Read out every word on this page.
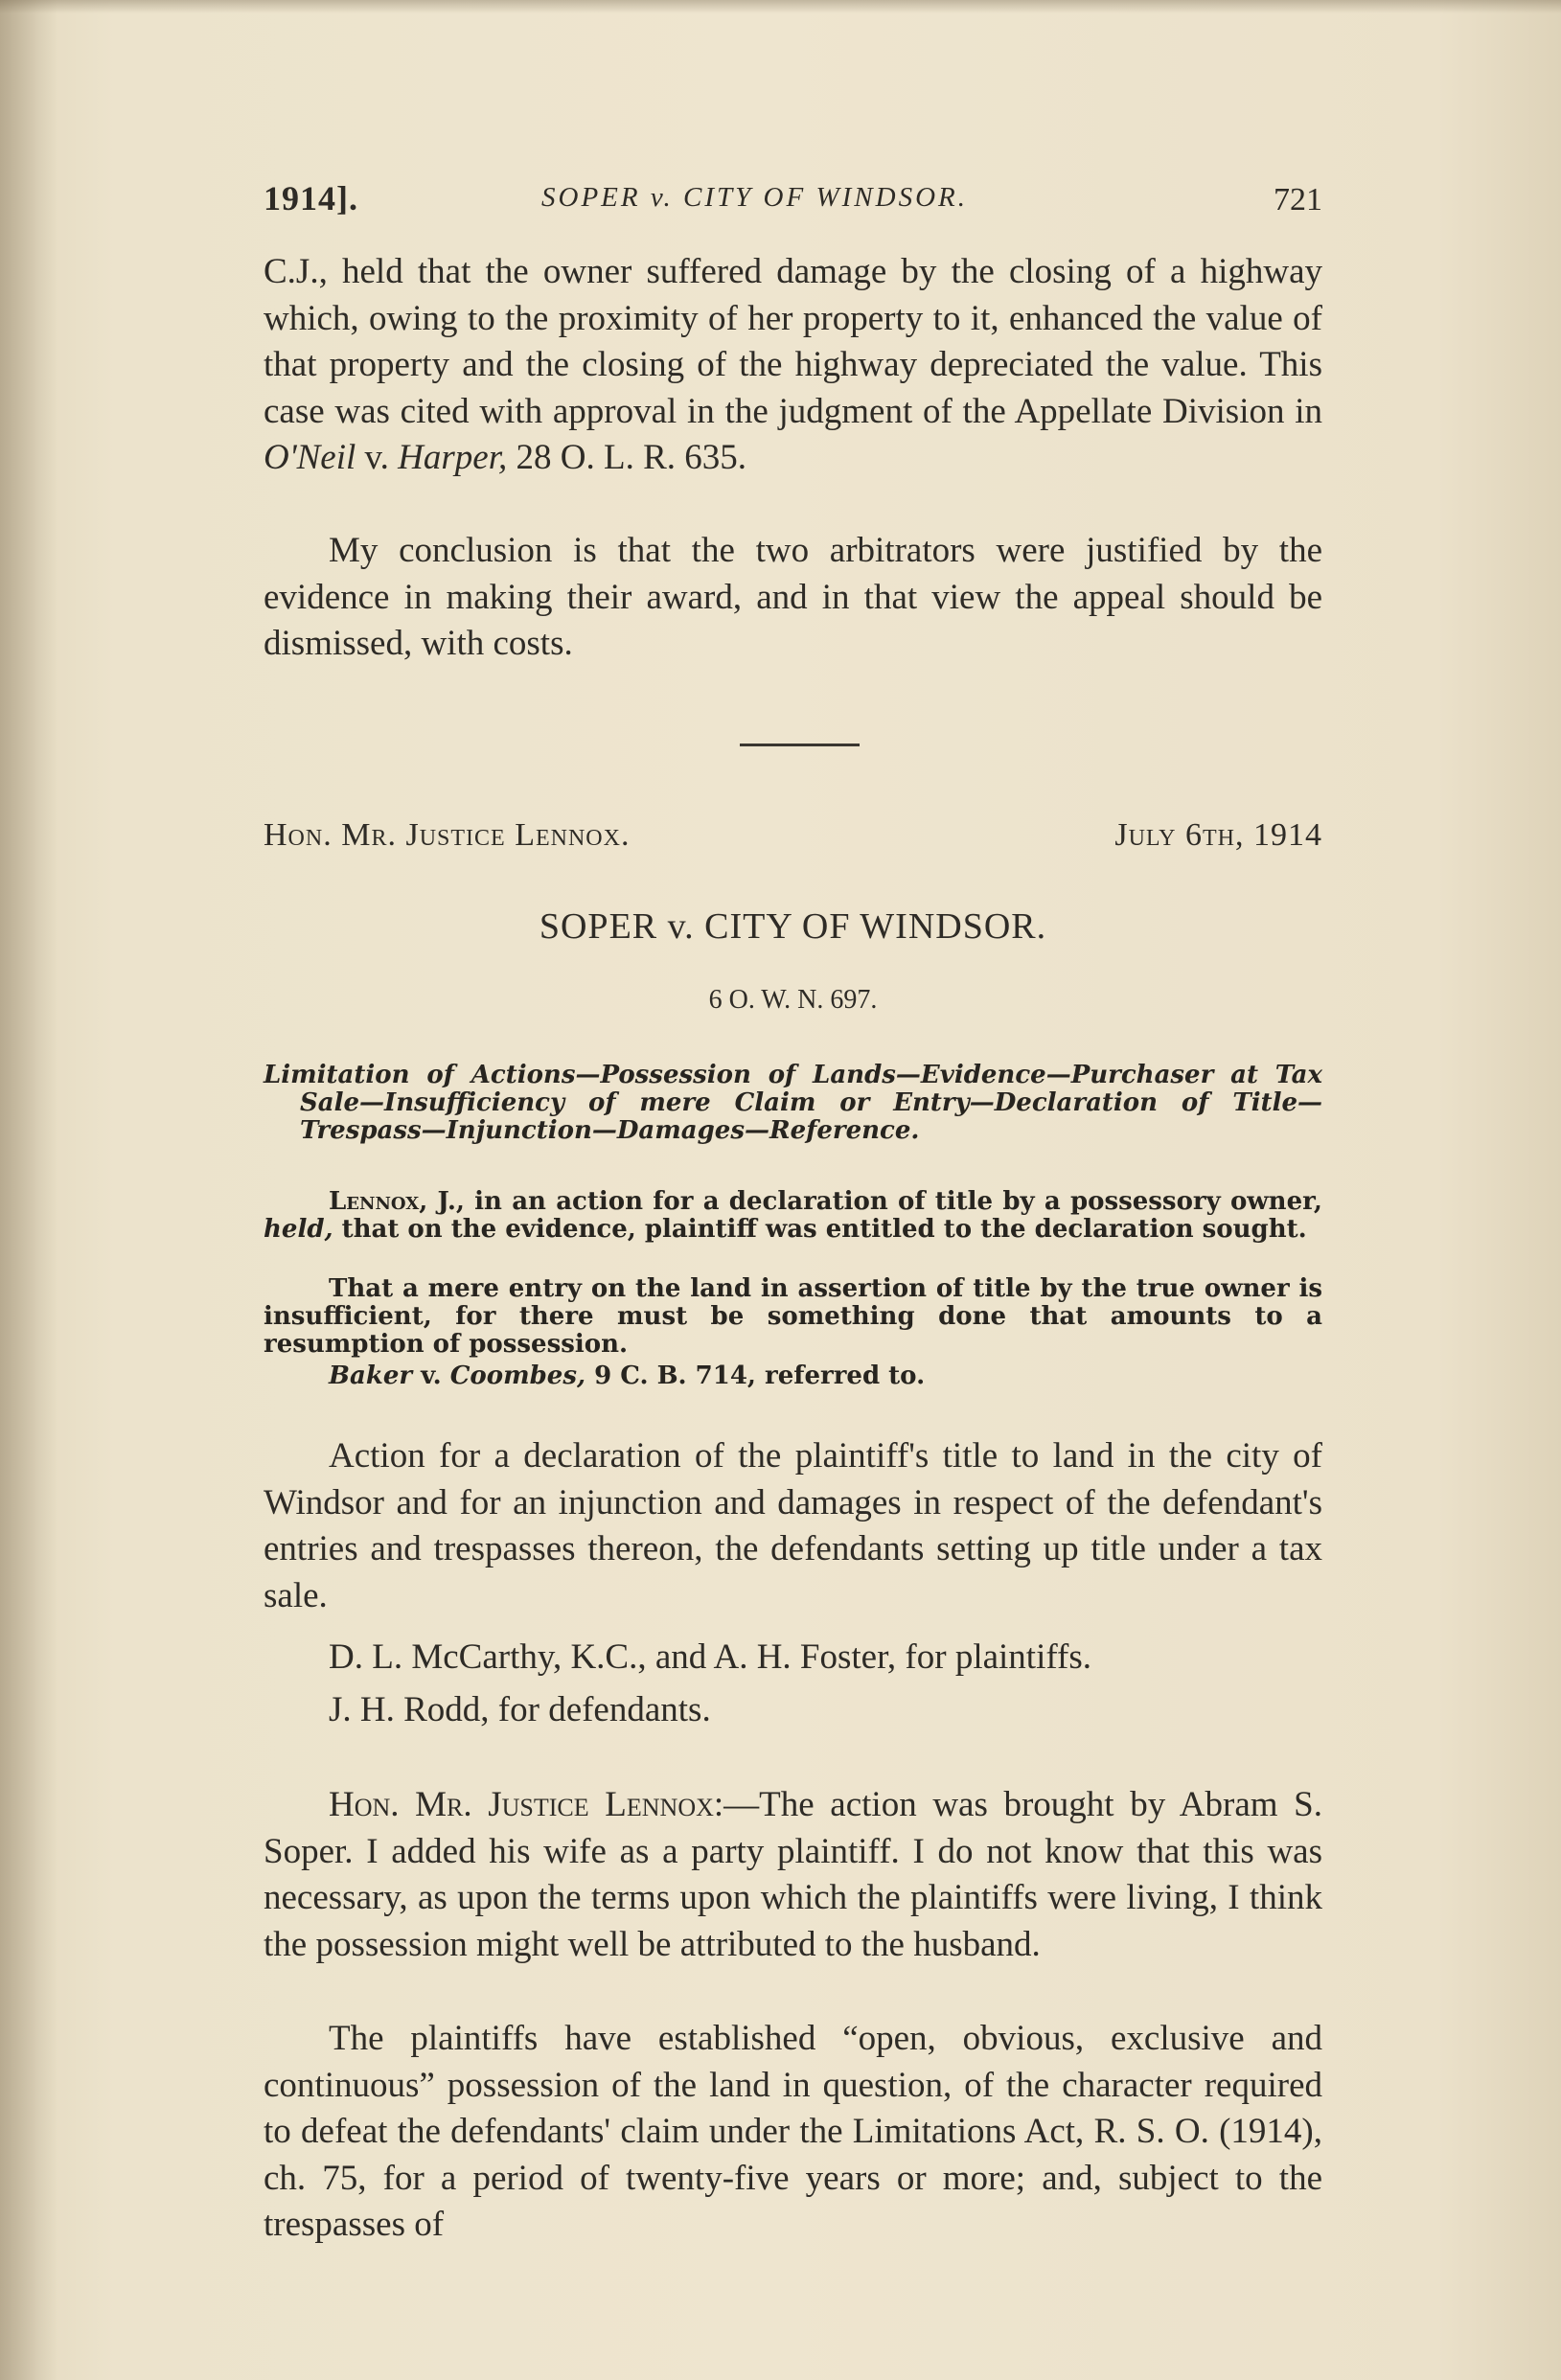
1914].	SOPER v. CITY OF WINDSOR.	721

C.J., held that the owner suffered damage by the closing of a highway which, owing to the proximity of her property to it, enhanced the value of that property and the closing of the highway depreciated the value. This case was cited with approval in the judgment of the Appellate Division in O'Neil v. Harper, 28 O. L. R. 635.

My conclusion is that the two arbitrators were justified by the evidence in making their award, and in that view the appeal should be dismissed, with costs.

Hon. Mr. Justice Lennox.	July 6th, 1914
SOPER v. CITY OF WINDSOR.
6 O. W. N. 697.

Limitation of Actions—Possession of Lands—Evidence—Purchaser at Tax Sale—Insufficiency of mere Claim or Entry—Declaration of Title—Trespass—Injunction—Damages—Reference.

Lennox, J., in an action for a declaration of title by a possessory owner, held, that on the evidence, plaintiff was entitled to the declaration sought.

That a mere entry on the land in assertion of title by the true owner is insufficient, for there must be something done that amounts to a resumption of possession.

Baker v. Coombes, 9 C. B. 714, referred to.

Action for a declaration of the plaintiff's title to land in the city of Windsor and for an injunction and damages in respect of the defendant's entries and trespasses thereon, the defendants setting up title under a tax sale.

D. L. McCarthy, K.C., and A. H. Foster, for plaintiffs.

J. H. Rodd, for defendants.

Hon. Mr. Justice Lennox:—The action was brought by Abram S. Soper. I added his wife as a party plaintiff. I do not know that this was necessary, as upon the terms upon which the plaintiffs were living, I think the possession might well be attributed to the husband.

The plaintiffs have established “open, obvious, exclusive and continuous” possession of the land in question, of the character required to defeat the defendants' claim under the Limitations Act, R. S. O. (1914), ch. 75, for a period of twenty-five years or more; and, subject to the trespasses of
